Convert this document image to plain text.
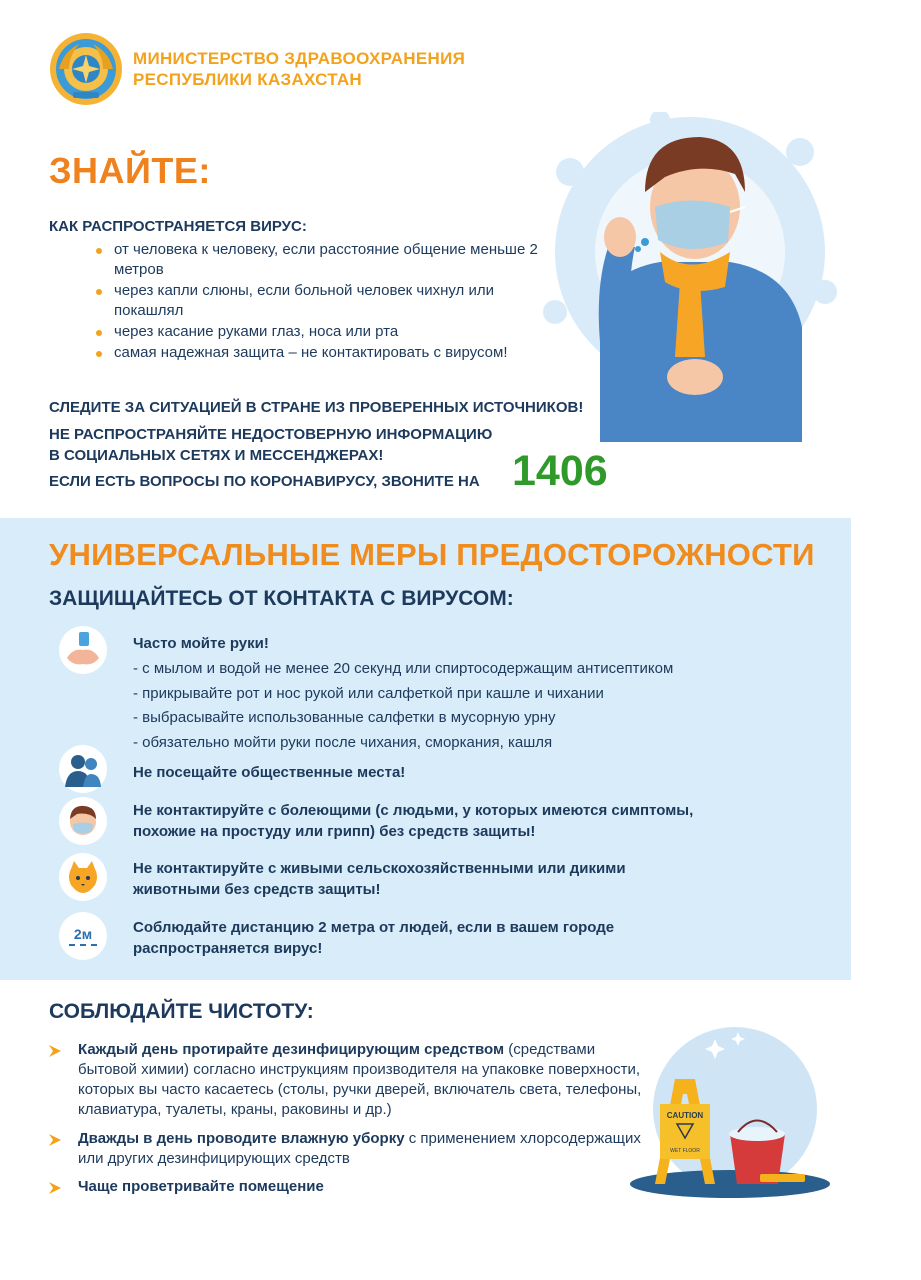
МИНИСТЕРСТВО ЗДРАВООХРАНЕНИЯ
РЕСПУБЛИКИ КАЗАХСТАН
ЗНАЙТЕ:
КАК РАСПРОСТРАНЯЕТСЯ ВИРУС:
от человека к человеку, если расстояние общение меньше 2 метров
через капли слюны, если больной человек чихнул или покашлял
через касание руками глаз, носа или рта
самая надежная защита – не контактировать с вирусом!
СЛЕДИТЕ ЗА СИТУАЦИЕЙ В СТРАНЕ ИЗ ПРОВЕРЕННЫХ ИСТОЧНИКОВ!
НЕ РАСПРОСТРАНЯЙТЕ НЕДОСТОВЕРНУЮ ИНФОРМАЦИЮ
В СОЦИАЛЬНЫХ СЕТЯХ И МЕССЕНДЖЕРАХ!
ЕСЛИ ЕСТЬ ВОПРОСЫ ПО КОРОНАВИРУСУ, ЗВОНИТЕ НА 1406
УНИВЕРСАЛЬНЫЕ МЕРЫ ПРЕДОСТОРОЖНОСТИ
ЗАЩИЩАЙТЕСЬ ОТ КОНТАКТА С ВИРУСОМ:
Часто мойте руки!
- с мылом и водой не менее 20 секунд или спиртосодержащим антисептиком
- прикрывайте рот и нос рукой или салфеткой при кашле и чихании
- выбрасывайте использованные салфетки в мусорную урну
- обязательно мойти руки после чихания, сморкания, кашля
Не посещайте общественные места!
Не контактируйте с болеющими (с людьми, у которых имеются симптомы,
похожие на простуду или грипп) без средств защиты!
Не контактируйте с живыми сельскохозяйственными или дикими
животными без средств защиты!
2м	Соблюдайте дистанцию 2 метра от людей, если в вашем городе
распространяется вирус!
СОБЛЮДАЙТЕ ЧИСТОТУ:
Каждый день протирайте дезинфицирующим средством (средствами бытовой химии) согласно инструкциям производителя на упаковке поверхности, которых вы часто касаетесь (столы, ручки дверей, включатель света, телефоны, клавиатура, туалеты, краны, раковины и др.)
Дважды в день проводите влажную уборку с применением хлорсодержащих или других дезинфицирующих средств
Чаще проветривайте помещение
CAUTION
WET FLOOR
